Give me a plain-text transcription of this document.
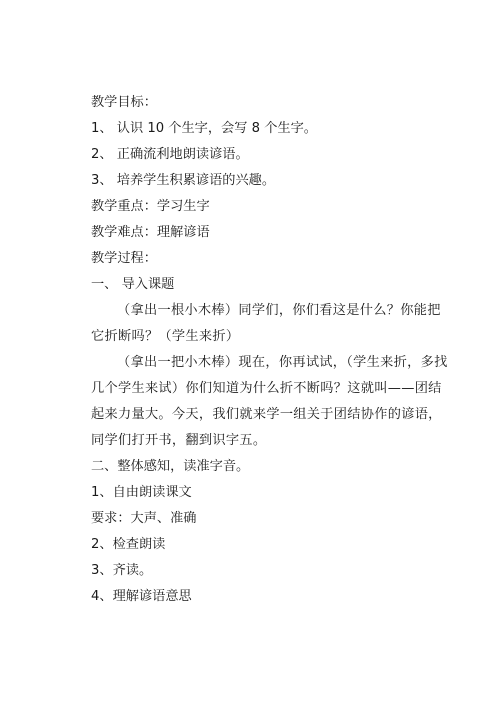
教学目标：
1、 认识 10 个生字，会写 8 个生字。
2、 正确流利地朗读谚语。
3、 培养学生积累谚语的兴趣。
教学重点：学习生字
教学难点：理解谚语
教学过程：
一、 导入课题
（拿出一根小木棒）同学们，你们看这是什么？你能把它折断吗？（学生来折）
（拿出一把小木棒）现在，你再试试，（学生来折，多找几个学生来试）你们知道为什么折不断吗？这就叫——团结起来力量大。今天，我们就来学一组关于团结协作的谚语，同学们打开书，翻到识字五。
二、整体感知，读准字音。
1、自由朗读课文
要求：大声、准确
2、检查朗读
3、齐读。
4、理解谚语意思
